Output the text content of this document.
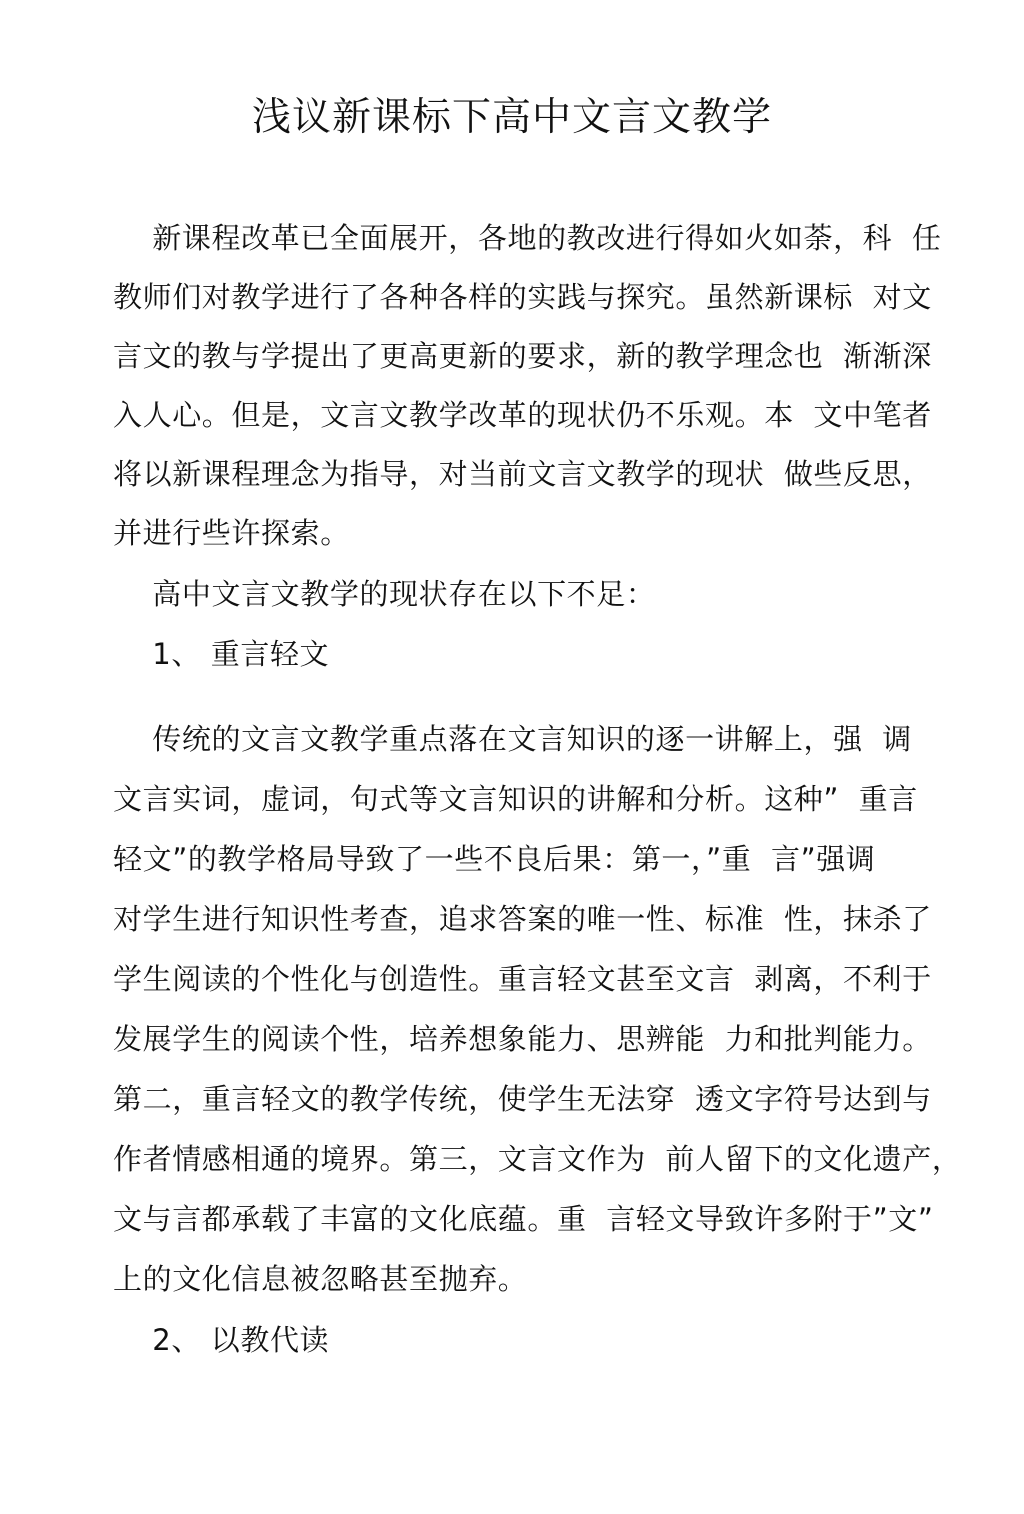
浅议新课标下高中文言文教学
新课程改革已全面展开，各地的教改进行得如火如荼，科  任
教师们对教学进行了各种各样的实践与探究。虽然新课标  对文
言文的教与学提出了更高更新的要求，新的教学理念也  渐渐深
入人心。但是，文言文教学改革的现状仍不乐观。本  文中笔者
将以新课程理念为指导，对当前文言文教学的现状  做些反思，
并进行些许探索。
高中文言文教学的现状存在以下不足：
1、 重言轻文
传统的文言文教学重点落在文言知识的逐一讲解上，强  调
文言实词，虚词，句式等文言知识的讲解和分析。这种”  重言
轻文”的教学格局导致了一些不良后果：第一，”重  言”强调
对学生进行知识性考查，追求答案的唯一性、标准  性，抹杀了
学生阅读的个性化与创造性。重言轻文甚至文言  剥离，不利于
发展学生的阅读个性，培养想象能力、思辨能  力和批判能力。
第二，重言轻文的教学传统，使学生无法穿  透文字符号达到与
作者情感相通的境界。第三，文言文作为  前人留下的文化遗产，
文与言都承载了丰富的文化底蕴。重  言轻文导致许多附于”文”
上的文化信息被忽略甚至抛弃。
2、 以教代读
